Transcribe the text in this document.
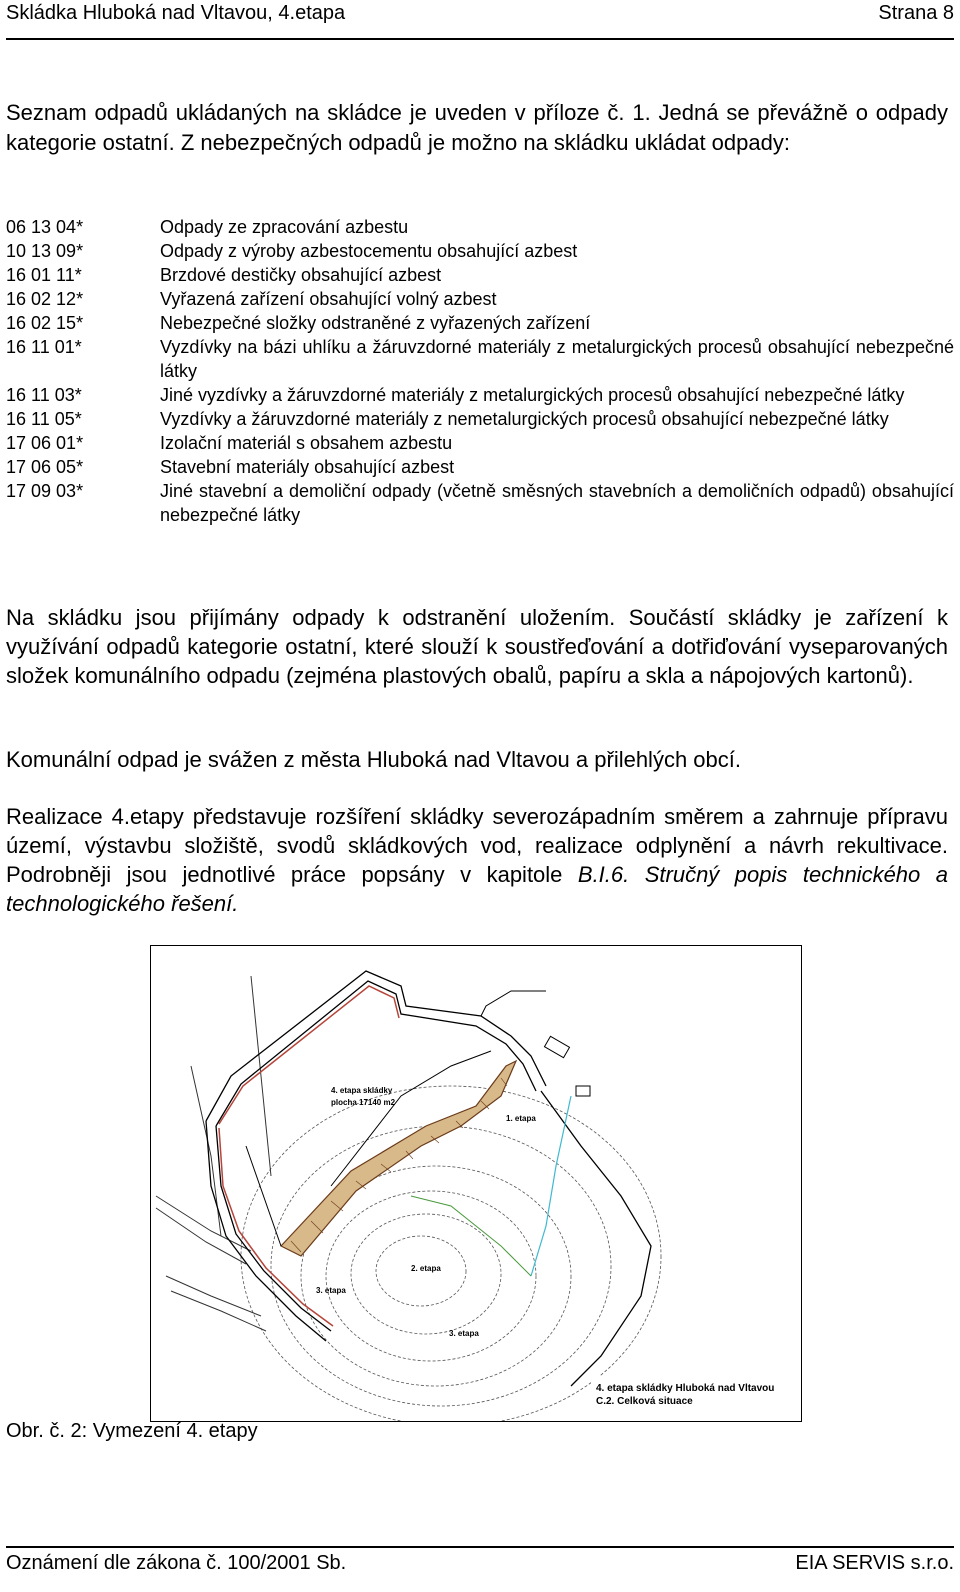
Skládka Hluboká nad Vltavou, 4.etapa	Strana 8

Seznam odpadů ukládaných na skládce je uveden v příloze č. 1. Jedná se převážně o odpady kategorie ostatní. Z nebezpečných odpadů je možno na skládku ukládat odpady:

06 13 04*	Odpady ze zpracování azbestu
10 13 09*	Odpady z výroby azbestocementu obsahující azbest
16 01 11*	Brzdové destičky obsahující azbest
16 02 12*	Vyřazená zařízení obsahující volný azbest
16 02 15*	Nebezpečné složky odstraněné z vyřazených zařízení
16 11 01*	Vyzdívky na bázi uhlíku a žáruvzdorné materiály z metalurgických procesů obsahující nebezpečné látky
16 11 03*	Jiné vyzdívky a žáruvzdorné materiály z metalurgických procesů obsahující nebezpečné látky
16 11 05*	Vyzdívky a žáruvzdorné materiály z nemetalurgických procesů obsahující nebezpečné látky
17 06 01*	Izolační materiál s obsahem azbestu
17 06 05*	Stavební materiály obsahující azbest
17 09 03*	Jiné stavební a demoliční odpady (včetně směsných stavebních a demoličních odpadů) obsahující nebezpečné látky

Na skládku jsou přijímány odpady k odstranění uložením. Součástí skládky je zařízení k využívání odpadů kategorie ostatní, které slouží k soustřeďování a dotřiďování vyseparovaných složek komunálního odpadu (zejména plastových obalů, papíru a skla a nápojových kartonů).

Komunální odpad je svážen z města Hluboká nad Vltavou a přilehlých obcí.

Realizace 4.etapy představuje rozšíření skládky severozápadním směrem a zahrnuje přípravu území, výstavbu složiště, svodů skládkových vod, realizace odplynění a návrh rekultivace. Podrobněji jsou jednotlivé práce popsány v kapitole B.I.6. Stručný popis technického a technologického řešení.

4. etapa skládky
plocha 17140 m2
1. etapa
2. etapa
3. etapa
3. etapa
4. etapa skládky Hluboká nad Vltavou
C.2. Celková situace
Obr. č. 2: Vymezení 4. etapy
Oznámení dle zákona č. 100/2001 Sb.	EIA SERVIS s.r.o.
